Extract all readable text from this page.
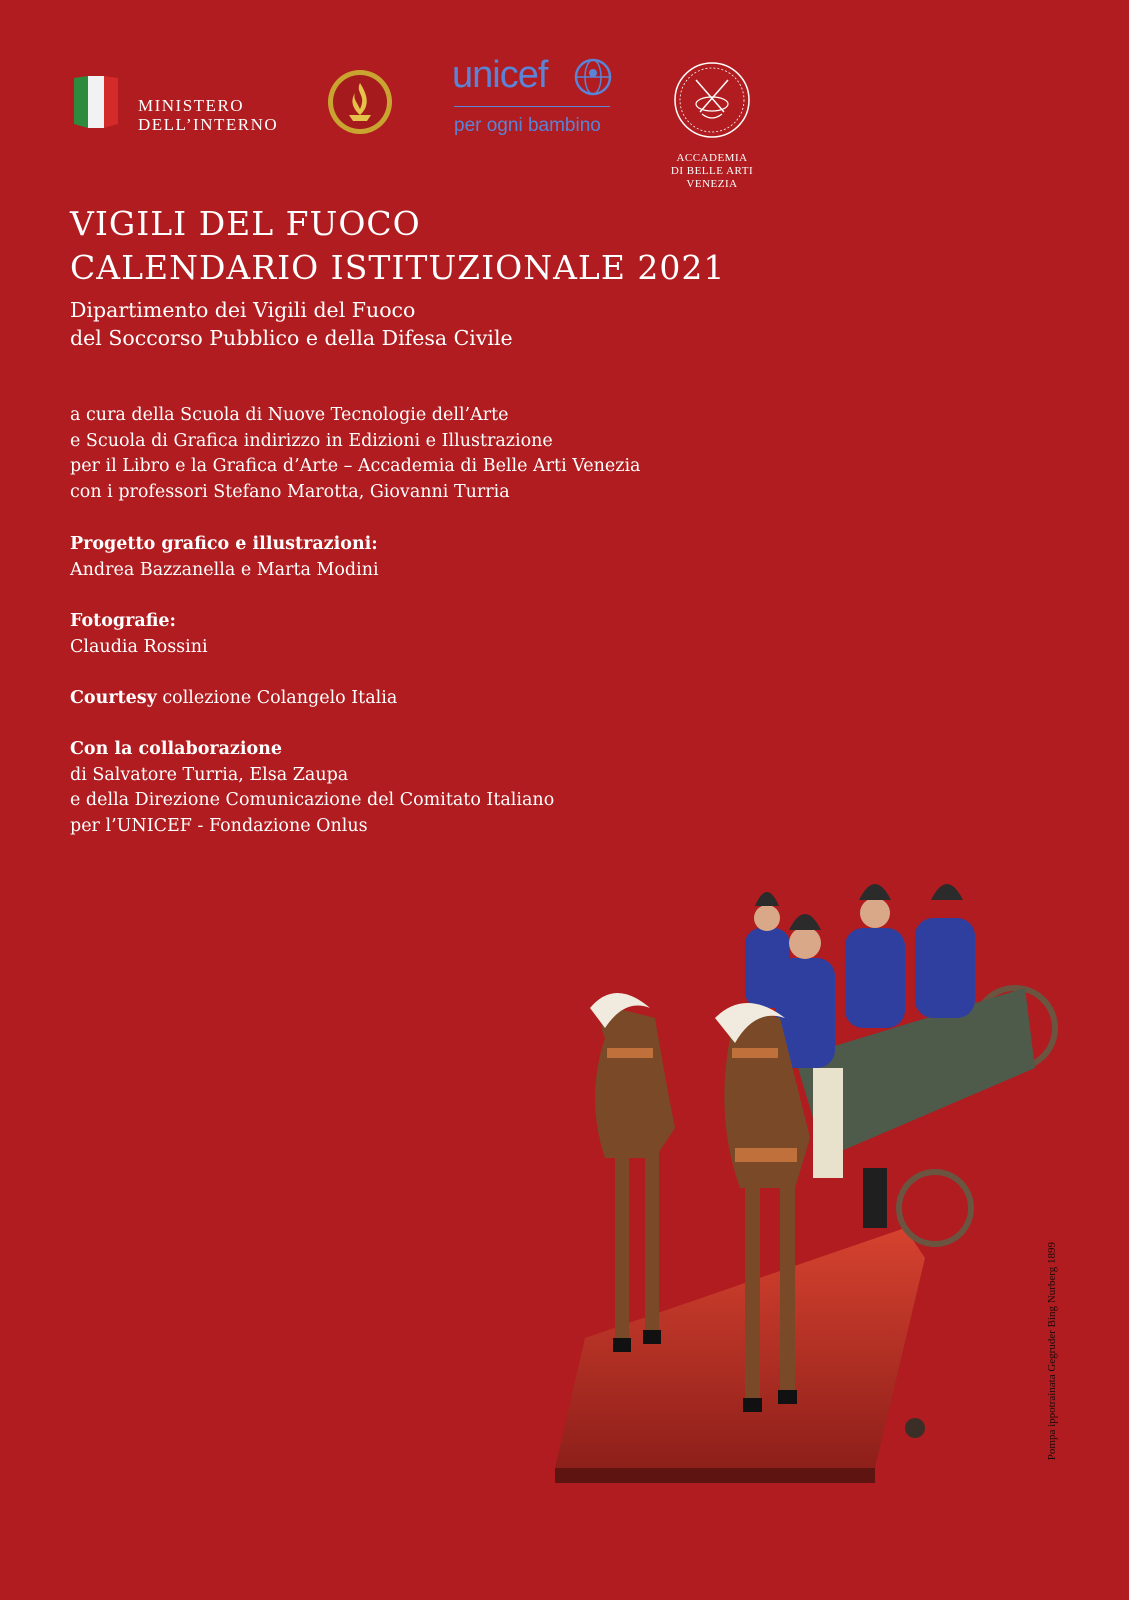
MINISTERO
DELL’INTERNO
unicef
per ogni bambino
ACCADEMIA
DI BELLE ARTI
VENEZIA
VIGILI DEL FUOCO
CALENDARIO ISTITUZIONALE 2021
Dipartimento dei Vigili del Fuoco
del Soccorso Pubblico e della Difesa Civile
a cura della Scuola di Nuove Tecnologie dell’Arte
e Scuola di Grafica indirizzo in Edizioni e Illustrazione
per il Libro e la Grafica d’Arte – Accademia di Belle Arti Venezia
con i professori Stefano Marotta, Giovanni Turria
Progetto grafico e illustrazioni:
Andrea Bazzanella e Marta Modini
Fotografie:
Claudia Rossini
Courtesy collezione Colangelo Italia
Con la collaborazione
di Salvatore Turria, Elsa Zaupa
e della Direzione Comunicazione del Comitato Italiano
per l’UNICEF - Fondazione Onlus
Pompa ippotrainata Gegruder Bing Nurberg 1899
